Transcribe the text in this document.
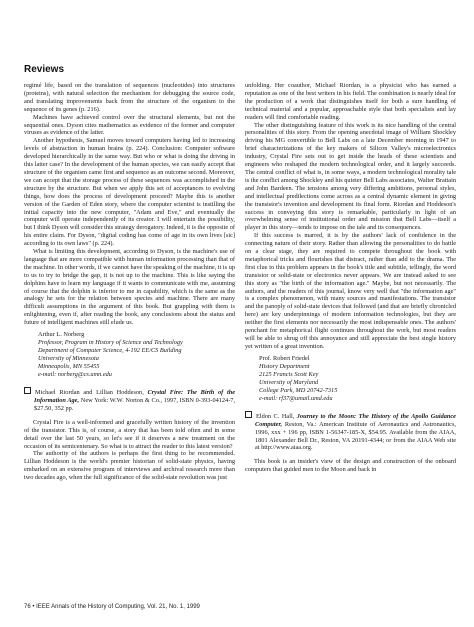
Reviews

regimé life, based on the translation of sequences (nucleotides) into structures (proteins), with natural selection the mechanism for debugging the source code, and translating improvements back from the structure of the organism to the sequence of its genes (p. 216).

Machines have achieved control over the structural elements, but not the sequential ones. Dyson cites mathematics as evidence of the former and computer viruses as evidence of the latter.

Another hypothesis, Samuel moves toward computers having led to increasing levels of abstraction in human brains (p. 224). Conclusion: Computer software developed hierarchically in the same way. But who or what is doing the driving in this latter case? In the development of the human species, we can easily accept that structure of the organism came first and sequence as an outcome second. Moreover, we can accept that the storage process of these sequences was accomplished in the structure by the structure. But when we apply this set of acceptances to evolving things, how does the process of development proceed? Maybe this is another version of the Garden of Eden story, where the computer scientist is instilling the initial capacity into the new computer, "Adam and Eve," and eventually the computer will operate independently of its creator. I will entertain the possibility, but I think Dyson will consider this strategy derogatory. Indeed, it is the opposite of his entire claim. For Dyson, "digital coding has come of age in its own lives [sic] according to its own laws" (p. 224).

What is limiting this development, according to Dyson, is the machine's use of language that are more compatible with human information processing than that of the machine. In other words, if we cannot have the speaking of the machine, it is up to us to try to bridge the gap, it is not up to the machine. This is like saying the dolphins have to learn my language if it wants to communicate with me, assuming of course that the dolphin is inferior to me in capability, which is the same as the analogy he sets for the relation between species and machine. There are many difficult assumptions in the argument of this book. But grappling with them is enlightening, even if, after reading the book, any conclusions about the status and future of intelligent machines still elude us.

Arthur L. Norberg
Professor, Program in History of Science and Technology
Department of Computer Science, 4-192 EE/CS Building
University of Minnesota
Minneapolis, MN 55455
e-mail: norberg@cs.umn.edu

Michael Riordan and Lillian Hoddeson, Crystal Fire: The Birth of the Information Age, New York: W.W. Norton & Co., 1997, ISBN 0-393-04124-7, $27.50, 352 pp.

Crystal Fire is a well-informed and gracefully written history of the invention of the transistor. This is, of course, a story that has been told often and in some detail over the last 50 years, so let's see if it deserves a new treatment on the occasion of its semicentenary. So what is to attract the reader to this latest version?

The authority of the authors is perhaps the first thing to be recommended. Lillian Hoddeson is the world's premier historian of solid-state physics, having embarked on an extensive program of interviews and archival research more than two decades ago, when the full significance of the solid-state revolution was just

unfolding. Her coauthor, Michael Riordan, is a physicist who has earned a reputation as one of the best writers in his field. The combination is nearly ideal for the production of a work that distinguishes itself for both a sure handling of technical material and a popular, approachable style that both specialists and lay readers will find comfortable reading.

The other distinguishing feature of this work is its nice handling of the central personalities of this story. From the opening anecdotal image of William Shockley driving his MG convertible to Bell Labs on a late December morning in 1947 to brief characterizations of the key makers of Silicon Valley's microelectronics industry, Crystal Fire sets out to get inside the heads of these scientists and engineers who reshaped the modern technological order, and it largely succeeds. The central conflict of what is, in some ways, a modern technological morality tale is the conflict among Shockley and his quieter Bell Labs associates, Walter Brattain and John Bardeen. The tensions among very differing ambitions, personal styles, and intellectual predilections come across as a central dynamic element in giving the transistor's invention and development its final form. Riordan and Hoddeson's success in conveying this story is remarkable, particularly in light of an overwhelming sense of institutional order and mission that Bell Labs—itself a player in this story—tends to impose on the tale and its consequences.

If this success is marred, it is by the authors' lack of confidence in the connecting nature of their story. Rather than allowing the personalities to do battle on a clear stage, they are required to compete throughout the book with metaphorical tricks and flourishes that distract, rather than add to the drama. The first clue to this problem appears in the book's title and subtitle, tellingly, the word transistor or solid-state or electronics never appears. We are instead asked to see this story as "the birth of the information age." Maybe, but not necessarily. The authors, and the readers of this journal, know very well that "the information age" is a complex phenomenon, with many sources and manifestations. The transistor and the panoply of solid-state devices that followed (and that are briefly chronicled here) are key underpinnings of modern information technologies, but they are neither the first elements nor necessarily the most indispensable ones. The authors' penchant for metaphorical flight continues throughout the work, but most readers will be able to shrug off this annoyance and still appreciate the best single history yet written of a great invention.

Prof. Robert Friedel
History Department
2125 Francis Scott Key
University of Maryland
College Park, MD 20742-7315
e-mail: rf37@umail.umd.edu

Eldon C. Hall, Journey to the Moon: The History of the Apollo Guidance Computer, Reston, Va.: American Institute of Aeronautics and Astronautics, 1996, xxx + 196 pp, ISBN 1-56347-185-X, $54.95. Available from the AIAA, 1801 Alexander Bell Dr., Reston, VA 20191-4344; or from the AIAA Web site at http://www.aiaa.org.

This book is an insider's view of the design and construction of the onboard computers that guided men to the Moon and back in

76 • IEEE Annals of the History of Computing, Vol. 21, No. 1, 1999
